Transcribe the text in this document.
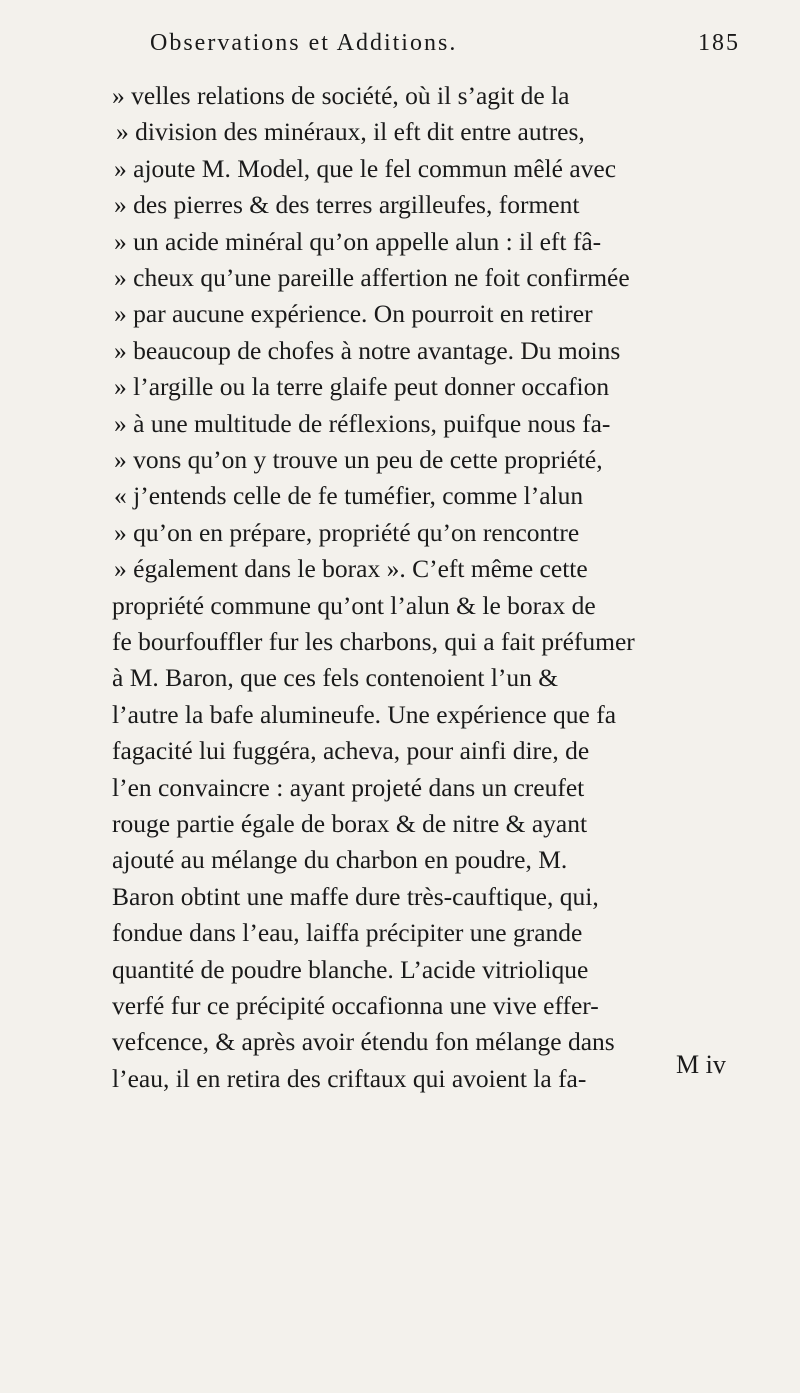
Observations et Additions.	185
» velles relations de société, où il s’agit de la
» division des minéraux, il eft dit entre autres,
» ajoute M. Model, que le fel commun mêlé avec
» des pierres & des terres argilleufes, forment
» un acide minéral qu’on appelle alun : il eft fâ-
» cheux qu’une pareille affertion ne foit confirmée
» par aucune expérience. On pourroit en retirer
» beaucoup de chofes à notre avantage. Du moins
» l’argille ou la terre glaife peut donner occafion
» à une multitude de réflexions, puifque nous fa-
» vons qu’on y trouve un peu de cette propriété,
« j’entends celle de fe tuméfier, comme l’alun
» qu’on en prépare, propriété qu’on rencontre
» également dans le borax ». C’eft même cette
propriété commune qu’ont l’alun & le borax de
fe bourfouffler fur les charbons, qui a fait préfumer
à M. Baron, que ces fels contenoient l’un &
l’autre la bafe alumineufe. Une expérience que fa
fagacité lui fuggéra, acheva, pour ainfi dire, de
l’en convaincre : ayant projeté dans un creufet
rouge partie égale de borax & de nitre & ayant
ajouté au mélange du charbon en poudre, M.
Baron obtint une maffe dure très-cauftique, qui,
fondue dans l’eau, laiffa précipiter une grande
quantité de poudre blanche. L’acide vitriolique
verfé fur ce précipité occafionna une vive effer-
vefcence, & après avoir étendu fon mélange dans
l’eau, il en retira des criftaux qui avoient la fa-	M iv
